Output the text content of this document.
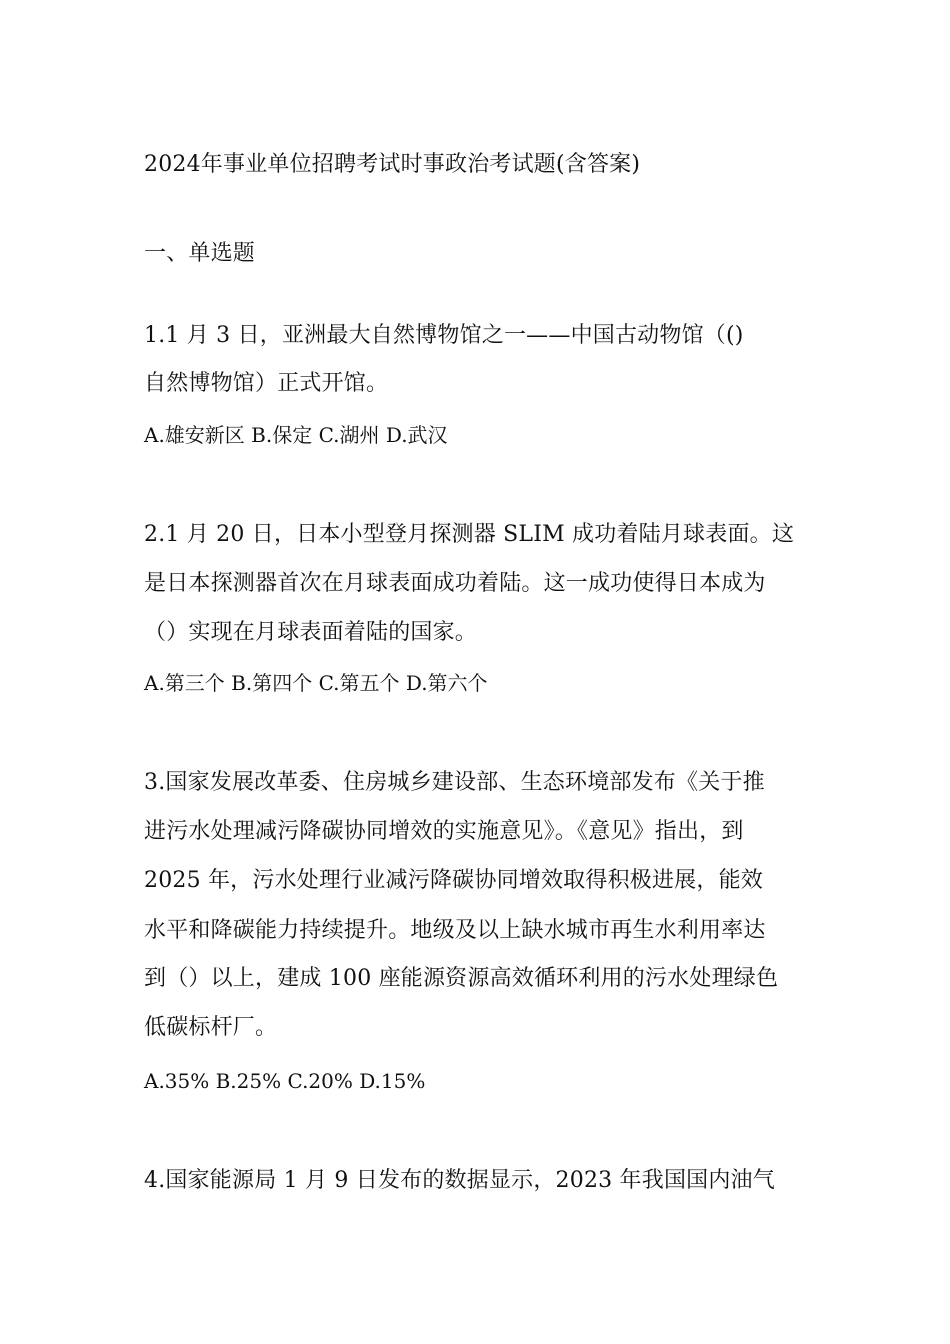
2024年事业单位招聘考试时事政治考试题(含答案)
一、单选题
1.1 月 3 日，亚洲最大自然博物馆之一——中国古动物馆（()
自然博物馆）正式开馆。
A.雄安新区 B.保定 C.湖州 D.武汉
2.1 月 20 日，日本小型登月探测器 SLIM 成功着陆月球表面。这
是日本探测器首次在月球表面成功着陆。这一成功使得日本成为
（）实现在月球表面着陆的国家。
A.第三个 B.第四个 C.第五个 D.第六个
3.国家发展改革委、住房城乡建设部、生态环境部发布《关于推
进污水处理减污降碳协同增效的实施意见》。《意见》指出，到
2025 年，污水处理行业减污降碳协同增效取得积极进展，能效
水平和降碳能力持续提升。地级及以上缺水城市再生水利用率达
到（）以上，建成 100 座能源资源高效循环利用的污水处理绿色
低碳标杆厂。
A.35% B.25% C.20% D.15%
4.国家能源局 1 月 9 日发布的数据显示，2023 年我国国内油气
